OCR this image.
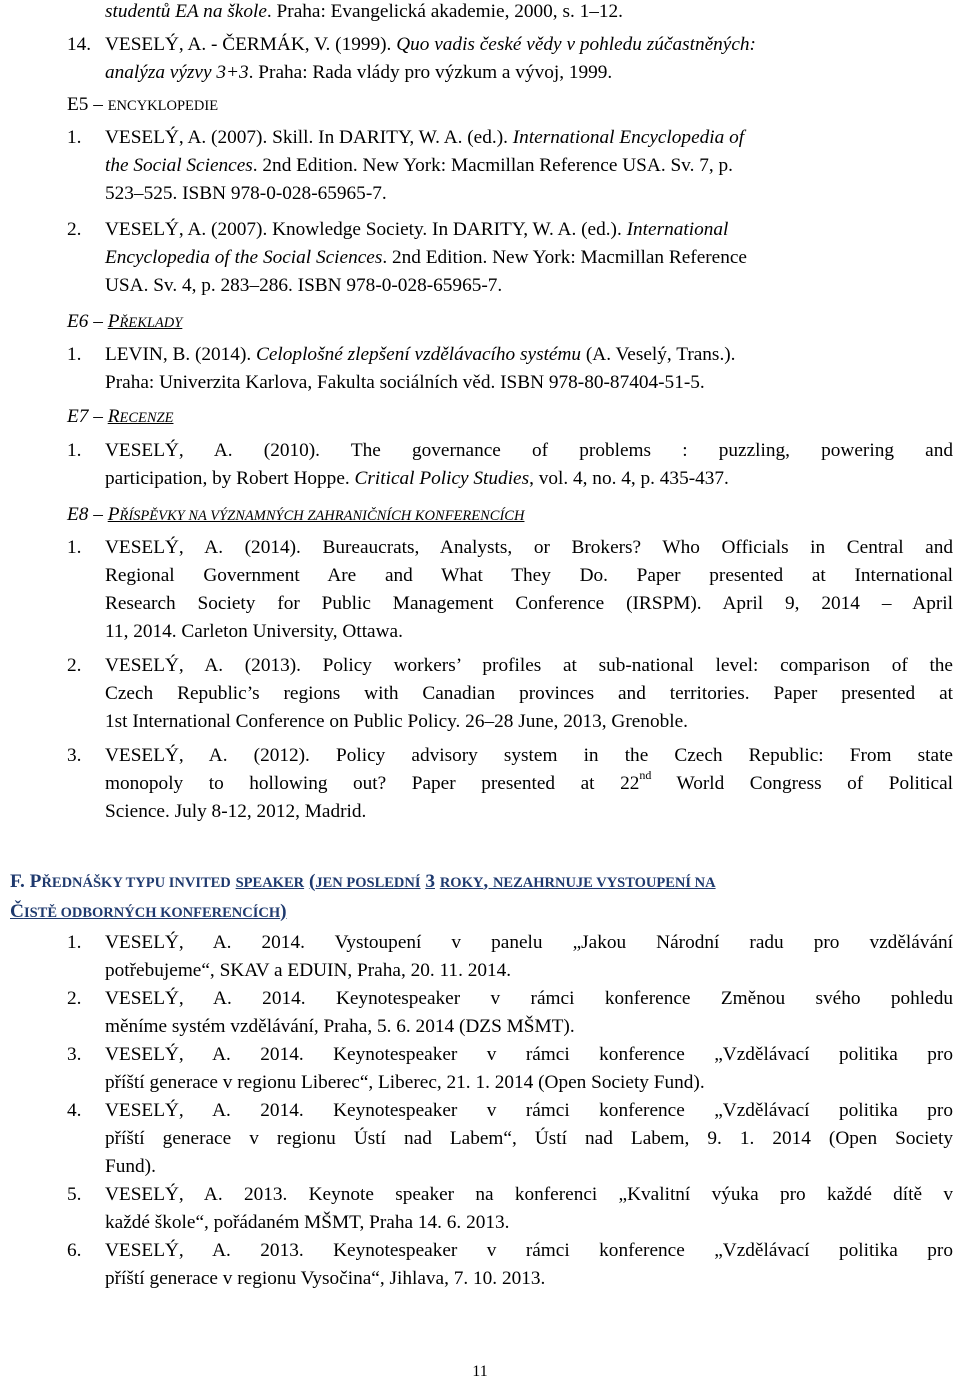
studentů EA na škole. Praha: Evangelická akademie, 2000, s. 1–12.
14. VESELÝ, A. - ČERMÁK, V. (1999). Quo vadis české vědy v pohledu zúčastněných:
analýza výzvy 3+3. Praha: Rada vlády pro výzkum a vývoj, 1999.
E5 – ENCYKLOPEDIE
1. VESELÝ, A. (2007). Skill. In DARITY, W. A. (ed.). International Encyclopedia of
the Social Sciences. 2nd Edition. New York: Macmillan Reference USA. Sv. 7, p.
523–525. ISBN 978-0-028-65965-7.
2. VESELÝ, A. (2007). Knowledge Society. In DARITY, W. A. (ed.). International
Encyclopedia of the Social Sciences. 2nd Edition. New York: Macmillan Reference
USA. Sv. 4, p. 283–286. ISBN 978-0-028-65965-7.
E6 – PŘEKLADY
1. LEVIN, B. (2014). Celoplošné zlepšení vzdělávacího systému (A. Veselý, Trans.).
Praha: Univerzita Karlova, Fakulta sociálních věd. ISBN 978-80-87404-51-5.
E7 – RECENZE
1. VESELÝ, A. (2010). The governance of problems : puzzling, powering and
participation, by Robert Hoppe. Critical Policy Studies, vol. 4, no. 4, p. 435-437.
E8 – PŘÍSPĚVKY NA VÝZNAMNÝCH ZAHRANIČNÍCH KONFERENCÍCH
1. VESELÝ, A. (2014). Bureaucrats, Analysts, or Brokers? Who Officials in Central and
Regional Government Are and What They Do. Paper presented at International
Research Society for Public Management Conference (IRSPM). April 9, 2014 – April
11, 2014. Carleton University, Ottawa.
2. VESELÝ, A. (2013). Policy workers’ profiles at sub-national level: comparison of the
Czech Republic’s regions with Canadian provinces and territories. Paper presented at
1st International Conference on Public Policy. 26–28 June, 2013, Grenoble.
3. VESELÝ, A. (2012). Policy advisory system in the Czech Republic: From state
monopoly to hollowing out? Paper presented at 22nd World Congress of Political
Science. July 8-12, 2012, Madrid.
F. PŘEDNÁŠKY TYPU INVITED SPEAKER (JEN POSLEDNÍ 3 ROKY, NEZAHRNUJE VYSTOUPENÍ NA
ČISTĚ ODBORNÝCH KONFERENCÍCH)
1. VESELÝ, A. 2014. Vystoupení v panelu „Jakou Národní radu pro vzdělávání
potřebujeme“, SKAV a EDUIN, Praha, 20. 11. 2014.
2. VESELÝ, A. 2014. Keynotespeaker v rámci konference Změnou svého pohledu
měníme systém vzdělávání, Praha, 5. 6. 2014 (DZS MŠMT).
3. VESELÝ, A. 2014. Keynotespeaker v rámci konference „Vzdělávací politika pro
příští generace v regionu Liberec“, Liberec, 21. 1. 2014 (Open Society Fund).
4. VESELÝ, A. 2014. Keynotespeaker v rámci konference „Vzdělávací politika pro
příští generace v regionu Ústí nad Labem“, Ústí nad Labem, 9. 1. 2014 (Open Society
Fund).
5. VESELÝ, A. 2013. Keynote speaker na konferenci „Kvalitní výuka pro každé dítě v
každé škole“, pořádaném MŠMT, Praha 14. 6. 2013.
6. VESELÝ, A. 2013. Keynotespeaker v rámci konference „Vzdělávací politika pro
příští generace v regionu Vysočina“, Jihlava, 7. 10. 2013.
11
